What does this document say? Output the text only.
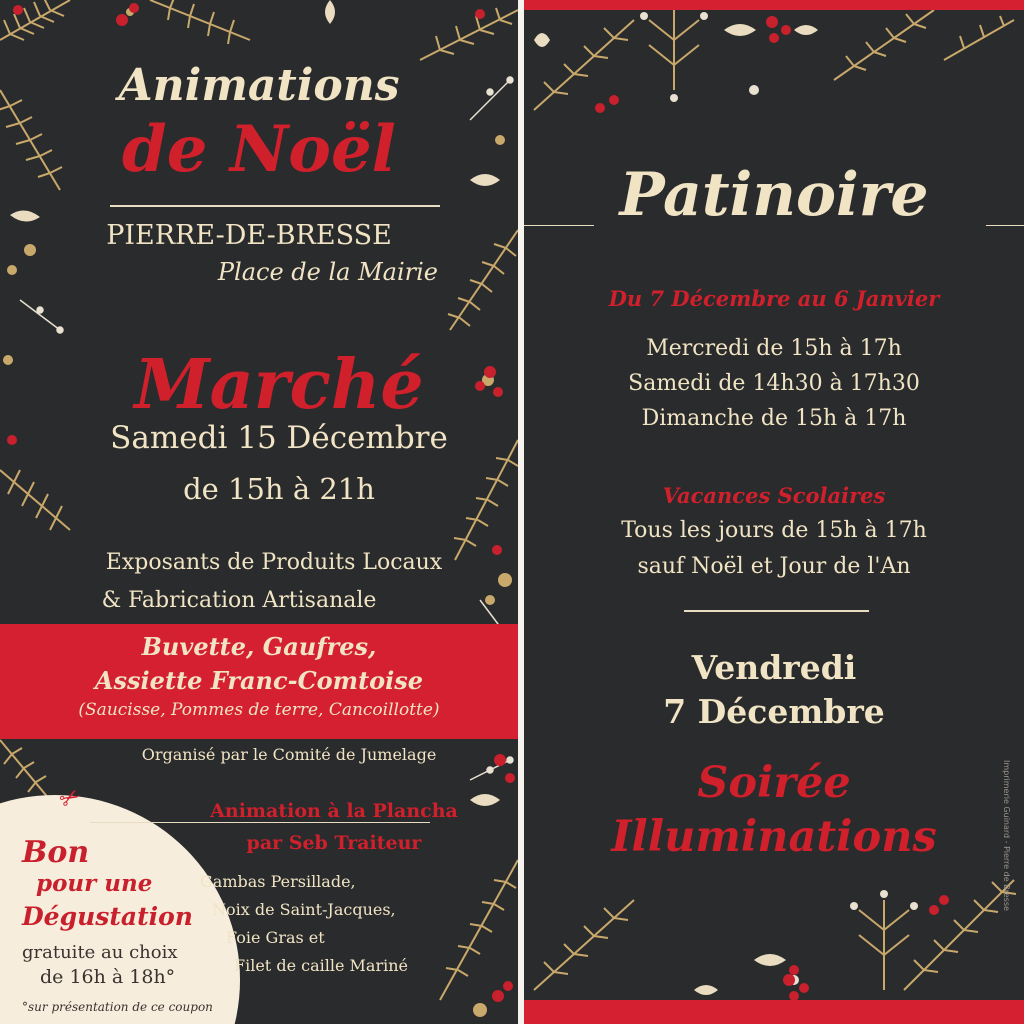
Animations
de Noël
PIERRE-DE-BRESSE
Place de la Mairie
Marché
Samedi 15 Décembre
de 15h à 21h
Exposants de Produits Locaux
& Fabrication Artisanale
Buvette, Gaufres,
Assiette Franc-Comtoise
(Saucisse, Pommes de terre, Cancoillotte)
Organisé par le Comité de Jumelage
✂	Animation à la Plancha
par Seb Traiteur
Gambas Persillade,
Noix de Saint-Jacques,
Foie Gras et
Filet de caille Mariné
Bon
pour une
Dégustation
gratuite au choix
de 16h à 18h°
°sur présentation de ce coupon
Patinoire
Du 7 Décembre au 6 Janvier
Mercredi de 15h à 17h
Samedi de 14h30 à 17h30
Dimanche de 15h à 17h
Vacances Scolaires
Tous les jours de 15h à 17h
sauf Noël et Jour de l'An
Vendredi
7 Décembre
Soirée
Illuminations	Imprimerie Guinard - Pierre de Bresse
